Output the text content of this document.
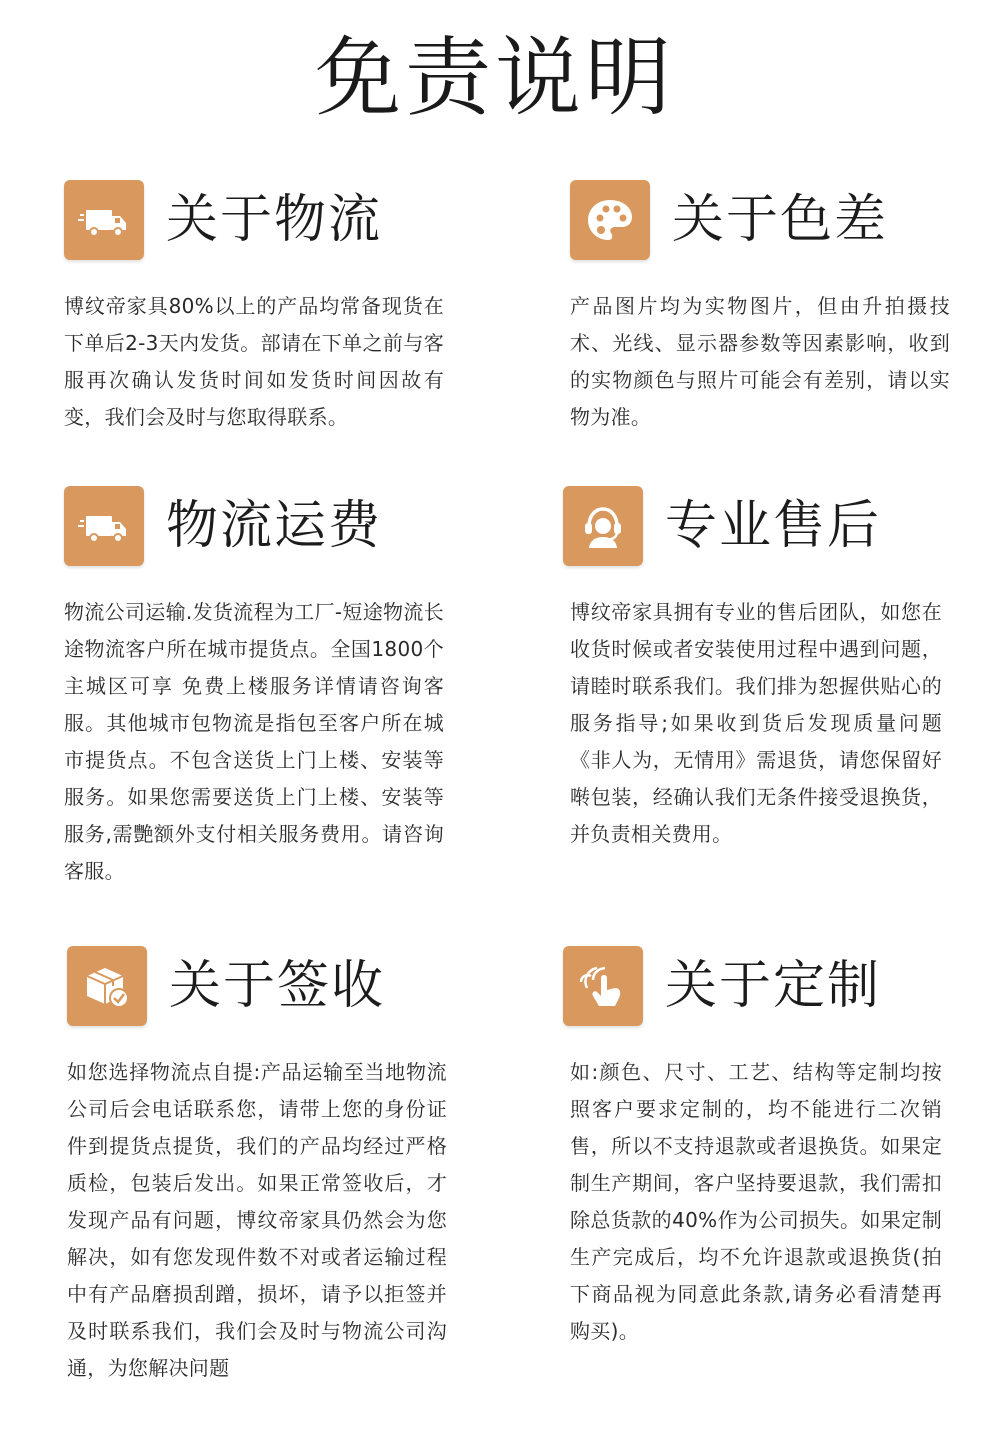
免责说明
关于物流
博纹帝家具80%以上的产品均常备现货在下单后2-3天内发货。部请在下单之前与客服再次确认发货时间如发货时间因故有变，我们会及时与您取得联系。
关于色差
产品图片均为实物图片，但由升拍摄技术、光线、显示器参数等因素影响，收到的实物颜色与照片可能会有差别，请以实物为准。
物流运费
物流公司运输.发货流程为工厂-短途物流长途物流客户所在城市提货点。全国1800个主城区可享 免费上楼服务详情请咨询客服。其他城市包物流是指包至客户所在城市提货点。不包含送货上门上楼、安装等服务。如果您需要送货上门上楼、安装等服务,需艷额外支付相关服务费用。请咨询客服。
专业售后
博纹帝家具拥有专业的售后团队，如您在收货时候或者安装使用过程中遇到问题，请睦时联系我们。我们排为恕握供贴心的服务指导;如果收到货后发现质量问题《非人为，无情用》需退货，请您保留好啭包装，经确认我们无条件接受退换货，并负责相关费用。
关于签收
如您选择物流点自提:产品运输至当地物流公司后会电话联系您，请带上您的身份证件到提货点提货，我们的产品均经过严格质检，包装后发出。如果正常签收后，才发现产品有问题，博纹帝家具仍然会为您解决，如有您发现件数不对或者运输过程中有产品磨损刮蹭，损坏，请予以拒签并及时联系我们，我们会及时与物流公司沟通，为您解决问题
关于定制
如:颜色、尺寸、工艺、结构等定制均按照客户要求定制的，均不能进行二次销售，所以不支持退款或者退换货。如果定制生产期间，客户坚持要退款，我们需扣除总货款的40%作为公司损失。如果定制生产完成后，均不允许退款或退换货(拍下商品视为同意此条款,请务必看清楚再购买)。
